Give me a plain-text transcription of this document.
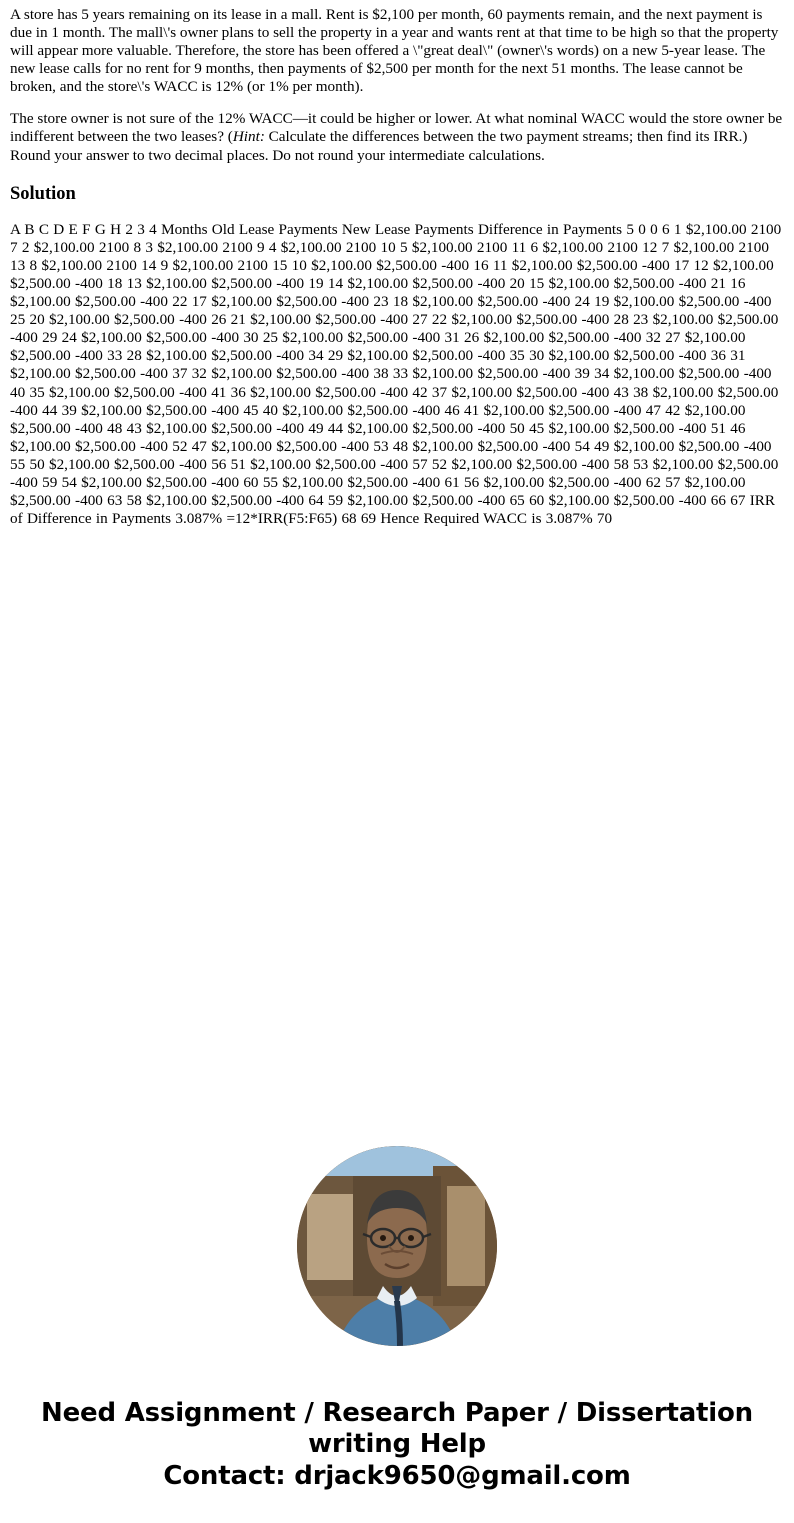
A store has 5 years remaining on its lease in a mall. Rent is $2,100 per month, 60 payments remain, and the next payment is due in 1 month. The mall\'s owner plans to sell the property in a year and wants rent at that time to be high so that the property will appear more valuable. Therefore, the store has been offered a \"great deal\" (owner\'s words) on a new 5-year lease. The new lease calls for no rent for 9 months, then payments of $2,500 per month for the next 51 months. The lease cannot be broken, and the store\'s WACC is 12% (or 1% per month).

The store owner is not sure of the 12% WACC—it could be higher or lower. At what nominal WACC would the store owner be indifferent between the two leases? (Hint: Calculate the differences between the two payment streams; then find its IRR.) Round your answer to two decimal places. Do not round your intermediate calculations.

Solution

A B C D E F G H 2 3 4 Months Old Lease Payments New Lease Payments Difference in Payments 5 0 0 6 1 $2,100.00 2100 7 2 $2,100.00 2100 8 3 $2,100.00 2100 9 4 $2,100.00 2100 10 5 $2,100.00 2100 11 6 $2,100.00 2100 12 7 $2,100.00 2100 13 8 $2,100.00 2100 14 9 $2,100.00 2100 15 10 $2,100.00 $2,500.00 -400 16 11 $2,100.00 $2,500.00 -400 17 12 $2,100.00 $2,500.00 -400 18 13 $2,100.00 $2,500.00 -400 19 14 $2,100.00 $2,500.00 -400 20 15 $2,100.00 $2,500.00 -400 21 16 $2,100.00 $2,500.00 -400 22 17 $2,100.00 $2,500.00 -400 23 18 $2,100.00 $2,500.00 -400 24 19 $2,100.00 $2,500.00 -400 25 20 $2,100.00 $2,500.00 -400 26 21 $2,100.00 $2,500.00 -400 27 22 $2,100.00 $2,500.00 -400 28 23 $2,100.00 $2,500.00 -400 29 24 $2,100.00 $2,500.00 -400 30 25 $2,100.00 $2,500.00 -400 31 26 $2,100.00 $2,500.00 -400 32 27 $2,100.00 $2,500.00 -400 33 28 $2,100.00 $2,500.00 -400 34 29 $2,100.00 $2,500.00 -400 35 30 $2,100.00 $2,500.00 -400 36 31 $2,100.00 $2,500.00 -400 37 32 $2,100.00 $2,500.00 -400 38 33 $2,100.00 $2,500.00 -400 39 34 $2,100.00 $2,500.00 -400 40 35 $2,100.00 $2,500.00 -400 41 36 $2,100.00 $2,500.00 -400 42 37 $2,100.00 $2,500.00 -400 43 38 $2,100.00 $2,500.00 -400 44 39 $2,100.00 $2,500.00 -400 45 40 $2,100.00 $2,500.00 -400 46 41 $2,100.00 $2,500.00 -400 47 42 $2,100.00 $2,500.00 -400 48 43 $2,100.00 $2,500.00 -400 49 44 $2,100.00 $2,500.00 -400 50 45 $2,100.00 $2,500.00 -400 51 46 $2,100.00 $2,500.00 -400 52 47 $2,100.00 $2,500.00 -400 53 48 $2,100.00 $2,500.00 -400 54 49 $2,100.00 $2,500.00 -400 55 50 $2,100.00 $2,500.00 -400 56 51 $2,100.00 $2,500.00 -400 57 52 $2,100.00 $2,500.00 -400 58 53 $2,100.00 $2,500.00 -400 59 54 $2,100.00 $2,500.00 -400 60 55 $2,100.00 $2,500.00 -400 61 56 $2,100.00 $2,500.00 -400 62 57 $2,100.00 $2,500.00 -400 63 58 $2,100.00 $2,500.00 -400 64 59 $2,100.00 $2,500.00 -400 65 60 $2,100.00 $2,500.00 -400 66 67 IRR of Difference in Payments 3.087% =12*IRR(F5:F65) 68 69 Hence Required WACC is 3.087% 70

Need Assignment / Research Paper / Dissertation
writing Help
Contact: drjack9650@gmail.com
